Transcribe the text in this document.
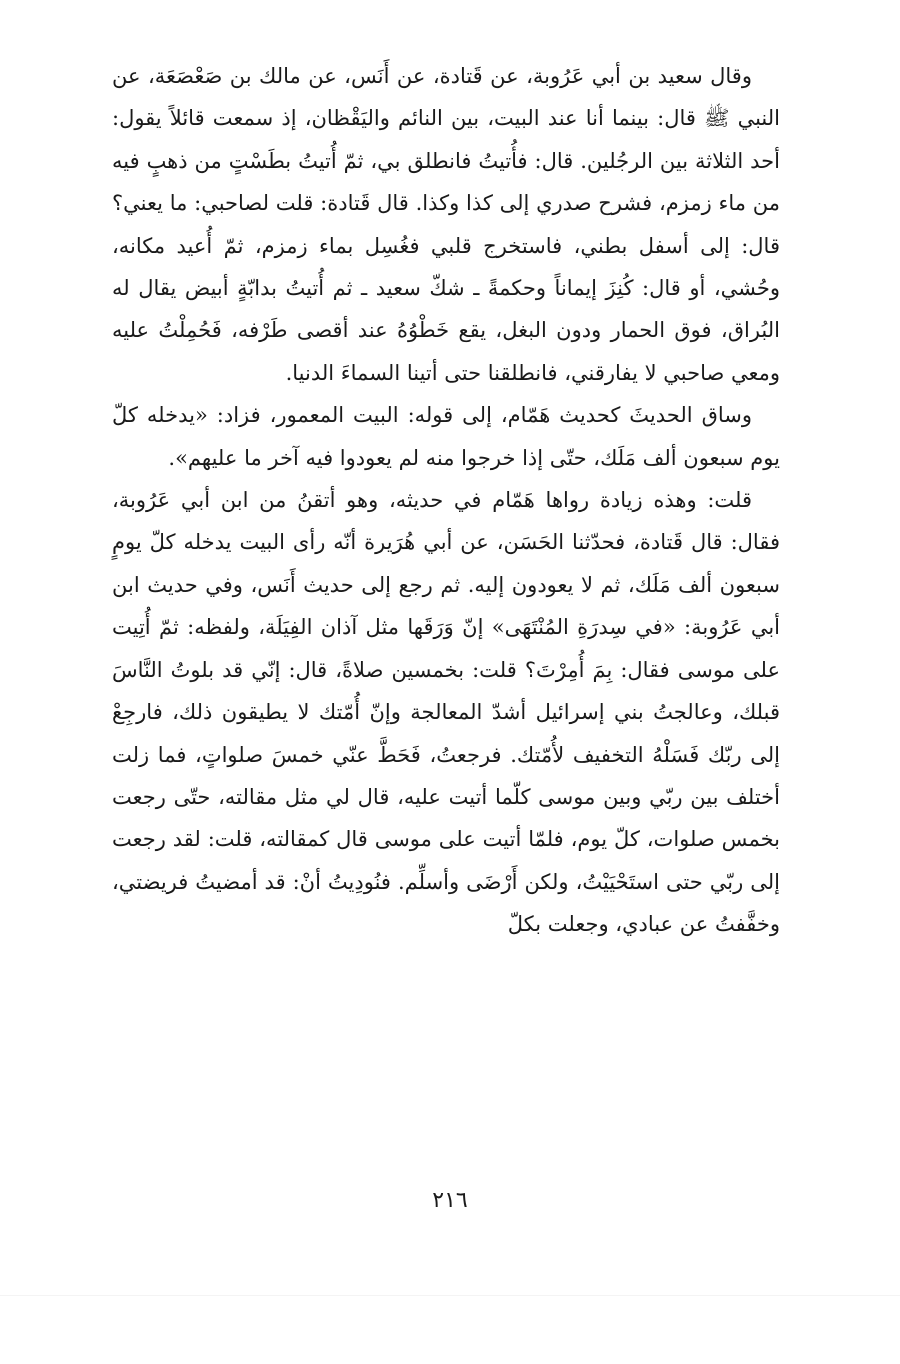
وقال سعيد بن أبي عَرُوبة، عن قَتادة، عن أَنَس، عن مالك بن صَعْصَعَة، عن النبي ﷺ قال: بينما أنا عند البيت، بين النائم واليَقْظان، إذ سمعت قائلاً يقول: أحد الثلاثة بين الرجُلين. قال: فأُتيتُ فانطلق بي، ثمّ أُتيتُ بطَسْتٍ من ذهبٍ فيه من ماء زمزم، فشرح صدري إلى كذا وكذا. قال قَتادة: قلت لصاحبي: ما يعني؟ قال: إلى أسفل بطني، فاستخرج قلبي فغُسِل بماء زمزم، ثمّ أُعيد مكانه، وحُشي، أو قال: كُنِزَ إيماناً وحكمةً ـ شكّ سعيد ـ ثم أُتيتُ بدابّةٍ أبيض يقال له البُراق، فوق الحمار ودون البغل، يقع خَطْوُهُ عند أقصى طَرْفه، فَحُمِلْتُ عليه ومعي صاحبي لا يفارقني، فانطلقنا حتى أتينا السماءَ الدنيا.

وساق الحديثَ كحديث هَمّام، إلى قوله: البيت المعمور، فزاد: «يدخله كلّ يوم سبعون ألف مَلَك، حتّى إذا خرجوا منه لم يعودوا فيه آخر ما عليهم».

قلت: وهذه زيادة رواها هَمّام في حديثه، وهو أتقنُ من ابن أبي عَرُوبة، فقال: قال قَتادة، فحدّثنا الحَسَن، عن أبي هُرَيرة أنّه رأى البيت يدخله كلّ يومٍ سبعون ألف مَلَك، ثم لا يعودون إليه. ثم رجع إلى حديث أَنَس، وفي حديث ابن أبي عَرُوبة: «في سِدرَةِ المُنْتَهَى» إنّ وَرَقَها مثل آذان الفِيَلَة، ولفظه: ثمّ أُتِيت على موسى فقال: بِمَ أُمِرْتَ؟ قلت: بخمسين صلاةً، قال: إنّي قد بلوتُ النَّاسَ قبلك، وعالجتُ بني إسرائيل أشدّ المعالجة وإنّ أُمّتك لا يطيقون ذلك، فارجِعْ إلى ربّك فَسَلْهُ التخفيف لأُمّتك. فرجعتُ، فَحَطَّ عنّي خمسَ صلواتٍ، فما زلت أختلف بين ربّي وبين موسى كلّما أتيت عليه، قال لي مثل مقالته، حتّى رجعت بخمس صلوات، كلّ يوم، فلمّا أتيت على موسى قال كمقالته، قلت: لقد رجعت إلى ربّي حتى استَحْيَيْتُ، ولكن أَرْضَى وأسلِّم. فنُودِيتُ أنْ: قد أمضيتُ فريضتي، وخفَّفتُ عن عبادي، وجعلت بكلّ

٢١٦
